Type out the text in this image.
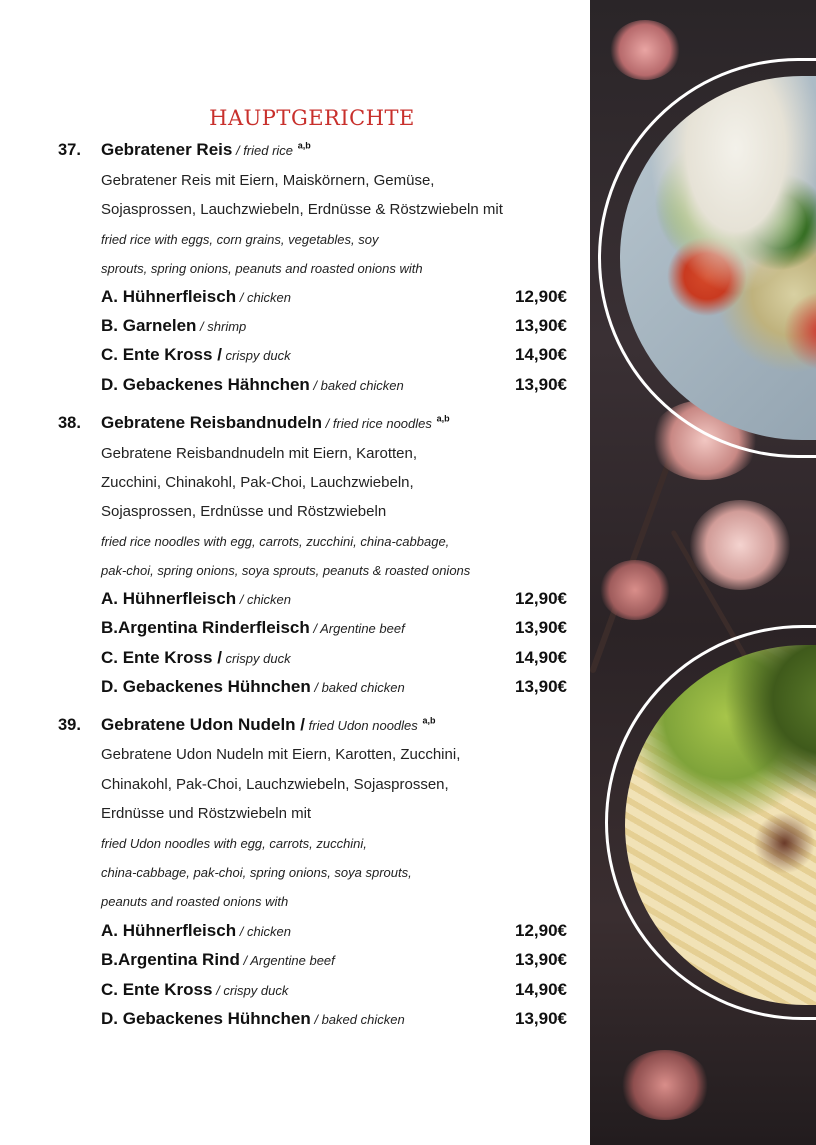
HAUPTGERICHTE
37. Gebratener Reis / fried rice $^{a,b}$
Gebratener Reis mit Eiern, Maiskörnern, Gemüse,
Sojasprossen, Lauchzwiebeln, Erdnüsse & Röstzwiebeln mit
fried rice with eggs, corn grains, vegetables, soy
sprouts, spring onions, peanuts and roasted onions with
A. Hühnerfleisch / chicken	12,90€
B. Garnelen / shrimp	13,90€
C. Ente Kross / crispy duck	14,90€
D. Gebackenes Hähnchen / baked chicken	13,90€
38. Gebratene Reisbandnudeln / fried rice noodles $^{a,b}$
Gebratene Reisbandnudeln mit Eiern, Karotten,
Zucchini, Chinakohl, Pak-Choi, Lauchzwiebeln,
Sojasprossen, Erdnüsse und Röstzwiebeln
fried rice noodles with egg, carrots, zucchini, china-cabbage,
pak-choi, spring onions, soya sprouts, peanuts & roasted onions
A. Hühnerfleisch / chicken	12,90€
B.Argentina Rinderfleisch / Argentine beef	13,90€
C. Ente Kross / crispy duck	14,90€
D. Gebackenes Hühnchen / baked chicken	13,90€
39. Gebratene Udon Nudeln / fried Udon noodles $^{a,b}$
Gebratene Udon Nudeln mit Eiern, Karotten, Zucchini,
Chinakohl, Pak-Choi, Lauchzwiebeln, Sojasprossen,
Erdnüsse und Röstzwiebeln mit
fried Udon noodles with egg, carrots, zucchini,
china-cabbage, pak-choi, spring onions, soya sprouts,
peanuts and roasted onions with
A. Hühnerfleisch / chicken	12,90€
B.Argentina Rind / Argentine beef	13,90€
C. Ente Kross / crispy duck	14,90€
D. Gebackenes Hühnchen / baked chicken	13,90€
